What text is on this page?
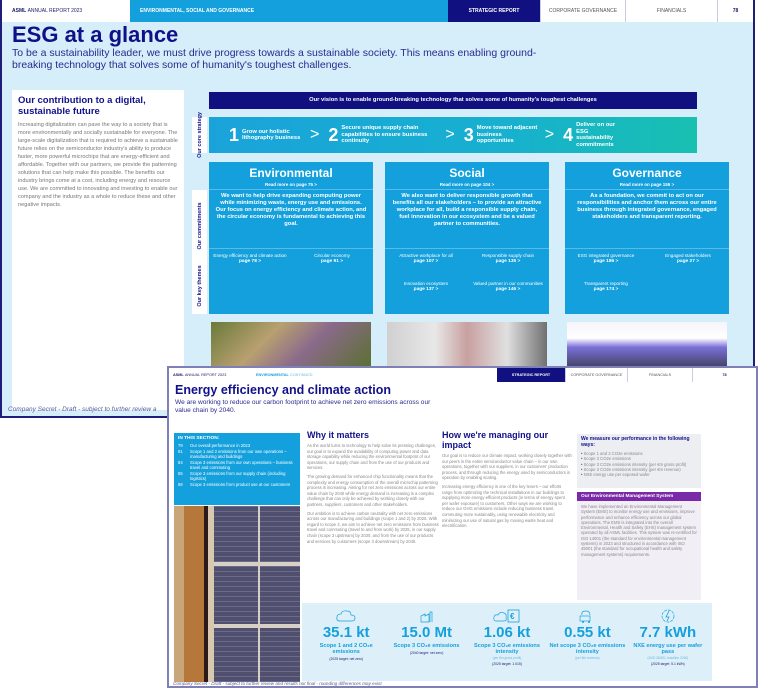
ASML ANNUAL REPORT 2023	ENVIRONMENTAL, SOCIAL AND GOVERNANCE	STRATEGIC REPORT	CORPORATE GOVERNANCE	FINANCIALS	78
ESG at a glance
To be a sustainability leader, we must drive progress towards a sustainable society. This means enabling ground-breaking technology that solves some of humanity's toughest challenges.
Our contribution to a digital, sustainable future

Increasing digitalization can pave the way to a society that is more environmentally and socially sustainable for everyone. The large-scale digitalization that is required to achieve a sustainable future relies on the semiconductor industry's ability to produce faster, more powerful microchips that are energy-efficient and affordable. Together with our partners, we provide the patterning solutions that can help make this possible. The benefits our industry brings come at a cost, including energy and resource use. We are committed to innovating and investing to enable our company and the industry as a whole to reduce these and other negative impacts.

Company Secret - Draft - subject to further review a
Our vision is to enable ground-breaking technology that solves some of humanity's toughest challenges
Our core strategy
Our commitments
Our key themes
1 Grow our holistic lithography business > 2 Secure unique supply chain capabilities to ensure business continuity	> 3 Move toward adjacent business opportunities	> 4 Deliver on our ESG sustainability commitments
Environmental
Read more on page 75 >
We want to help drive expanding computing power while minimizing waste, energy use and emissions. Our focus on energy efficiency and climate action, and the circular economy is fundamental to achieving this goal.
Energy efficiency and climate action
page 78 >
Circular economy
page 91 >
Social
Read more on page 104 >
We also want to deliver responsible growth that benefits all our stakeholders – to provide an attractive workplace for all, build a responsible supply chain, fuel innovation in our ecosystem and be a valued partner to communities.
Attractive workplace for all
page 107 >
Responsible supply chain
page 135 >
Innovation ecosystem
page 137 >
Valued partner in our communities
page 146 >
Governance
Read more on page 155 >
As a foundation, we commit to act on our responsibilities and anchor them across our entire business through integrated governance, engaged stakeholders and transparent reporting.
ESG integrated governance
page 186 >
Engaged stakeholders
page 27 >
Transparent reporting
page 174 >
ASML ANNUAL REPORT 2023	ENVIRONMENTAL CONTINUED	STRATEGIC REPORT	CORPORATE GOVERNANCE	FINANCIALS	78
Energy efficiency and climate action
We are working to reduce our carbon footprint to achieve net zero emissions across our value chain by 2040.
IN THIS SECTION:
79	Our overall performance in 2023
81	Scope 1 and 2 emissions from our own operations – manufacturing and buildings
84	Scope 3 emissions from our own operations – business travel and commuting
85	Scope 3 emissions from our supply chain (including logistics)
88	Scope 3 emissions from product use at our customers
Why it matters

As the world turns to technology to help solve its pressing challenges, our goal is to expand the availability of computing power and data storage capability while reducing the environmental footprint of our operations, our supply chain and from the use of our products and services.

The growing demand for enhanced chip functionality means that the complexity and energy consumption of the overall microchip patterning process is increasing. Aiming for net zero emissions across our entire value chain by 2040 while energy demand is increasing is a complex challenge that can only be achieved by working closely with our partners, suppliers, customers and other stakeholders.

Our ambition is to achieve carbon neutrality with net zero emissions across our manufacturing and buildings (scope 1 and 2) by 2025. With regard to scope 3, we aim to achieve net zero emissions from business travel and commuting (travel to and from work) by 2025, in our supply chain (scope 3 upstream) by 2030, and from the use of our products and services by customers (scope 3 downstream) by 2040.

How we're managing our impact

Our goal is to reduce our climate impact, working closely together with our peers in the entire semiconductor value chain – in our own operations, together with our suppliers, in our customers' production process, and through reducing the energy used by semiconductors in operation by enabling scaling.

Increasing energy efficiency is one of the key levers – our efforts range from optimizing the technical installations in our buildings to supplying more energy-efficient products (in terms of energy spent per wafer exposure) to customers. Other ways we are working to reduce our GHG emissions include reducing business travel, commuting more sustainably, using renewable electricity and minimizing our use of natural gas by moving waste heat and electrification.

We measure our performance in the following ways:
• Scope 1 and 2 CO2e emissions
• Scope 3 CO2e emissions
• Scope 3 CO2e emissions intensity (per €m gross profit)
• Scope 3 CO2e emissions intensity (per €m revenue)
• NXE energy use per exposed wafer
Our Environmental Management System

We have implemented an Environmental Management System (EMS) to monitor energy use and emissions, improve performance and enhance efficiency across our global operations. The EMS is integrated into the overall Environmental, Health and Safety (EHS) management system operated by all ASML facilities. This system was re-certified for ISO 14001 (the standard for environmental management systems) in 2023 and structured in accordance with ISO 45001 (the standard for occupational health and safety management systems) requirements.

35.1 kt
Scope 1 and 2 CO₂e emissions
(2025 target: net zero)
15.0 Mt
Scope 3 CO₂e emissions
(2040 target: net zero)
€
1.06 kt
Scope 3 CO₂e emissions intensity
(per €m gross profit)
(2025 target: 1.015)
0.55 kt
Net scope 3 CO₂e emissions intensity
(per €m revenue)
7.7 kWh
NXE energy use per wafer pass
(NXE:3600D, baseline 2018)
(2025 target: 5.1 kWh)
Company Secret - Draft - subject to further review and results not final - rounding differences may exist
